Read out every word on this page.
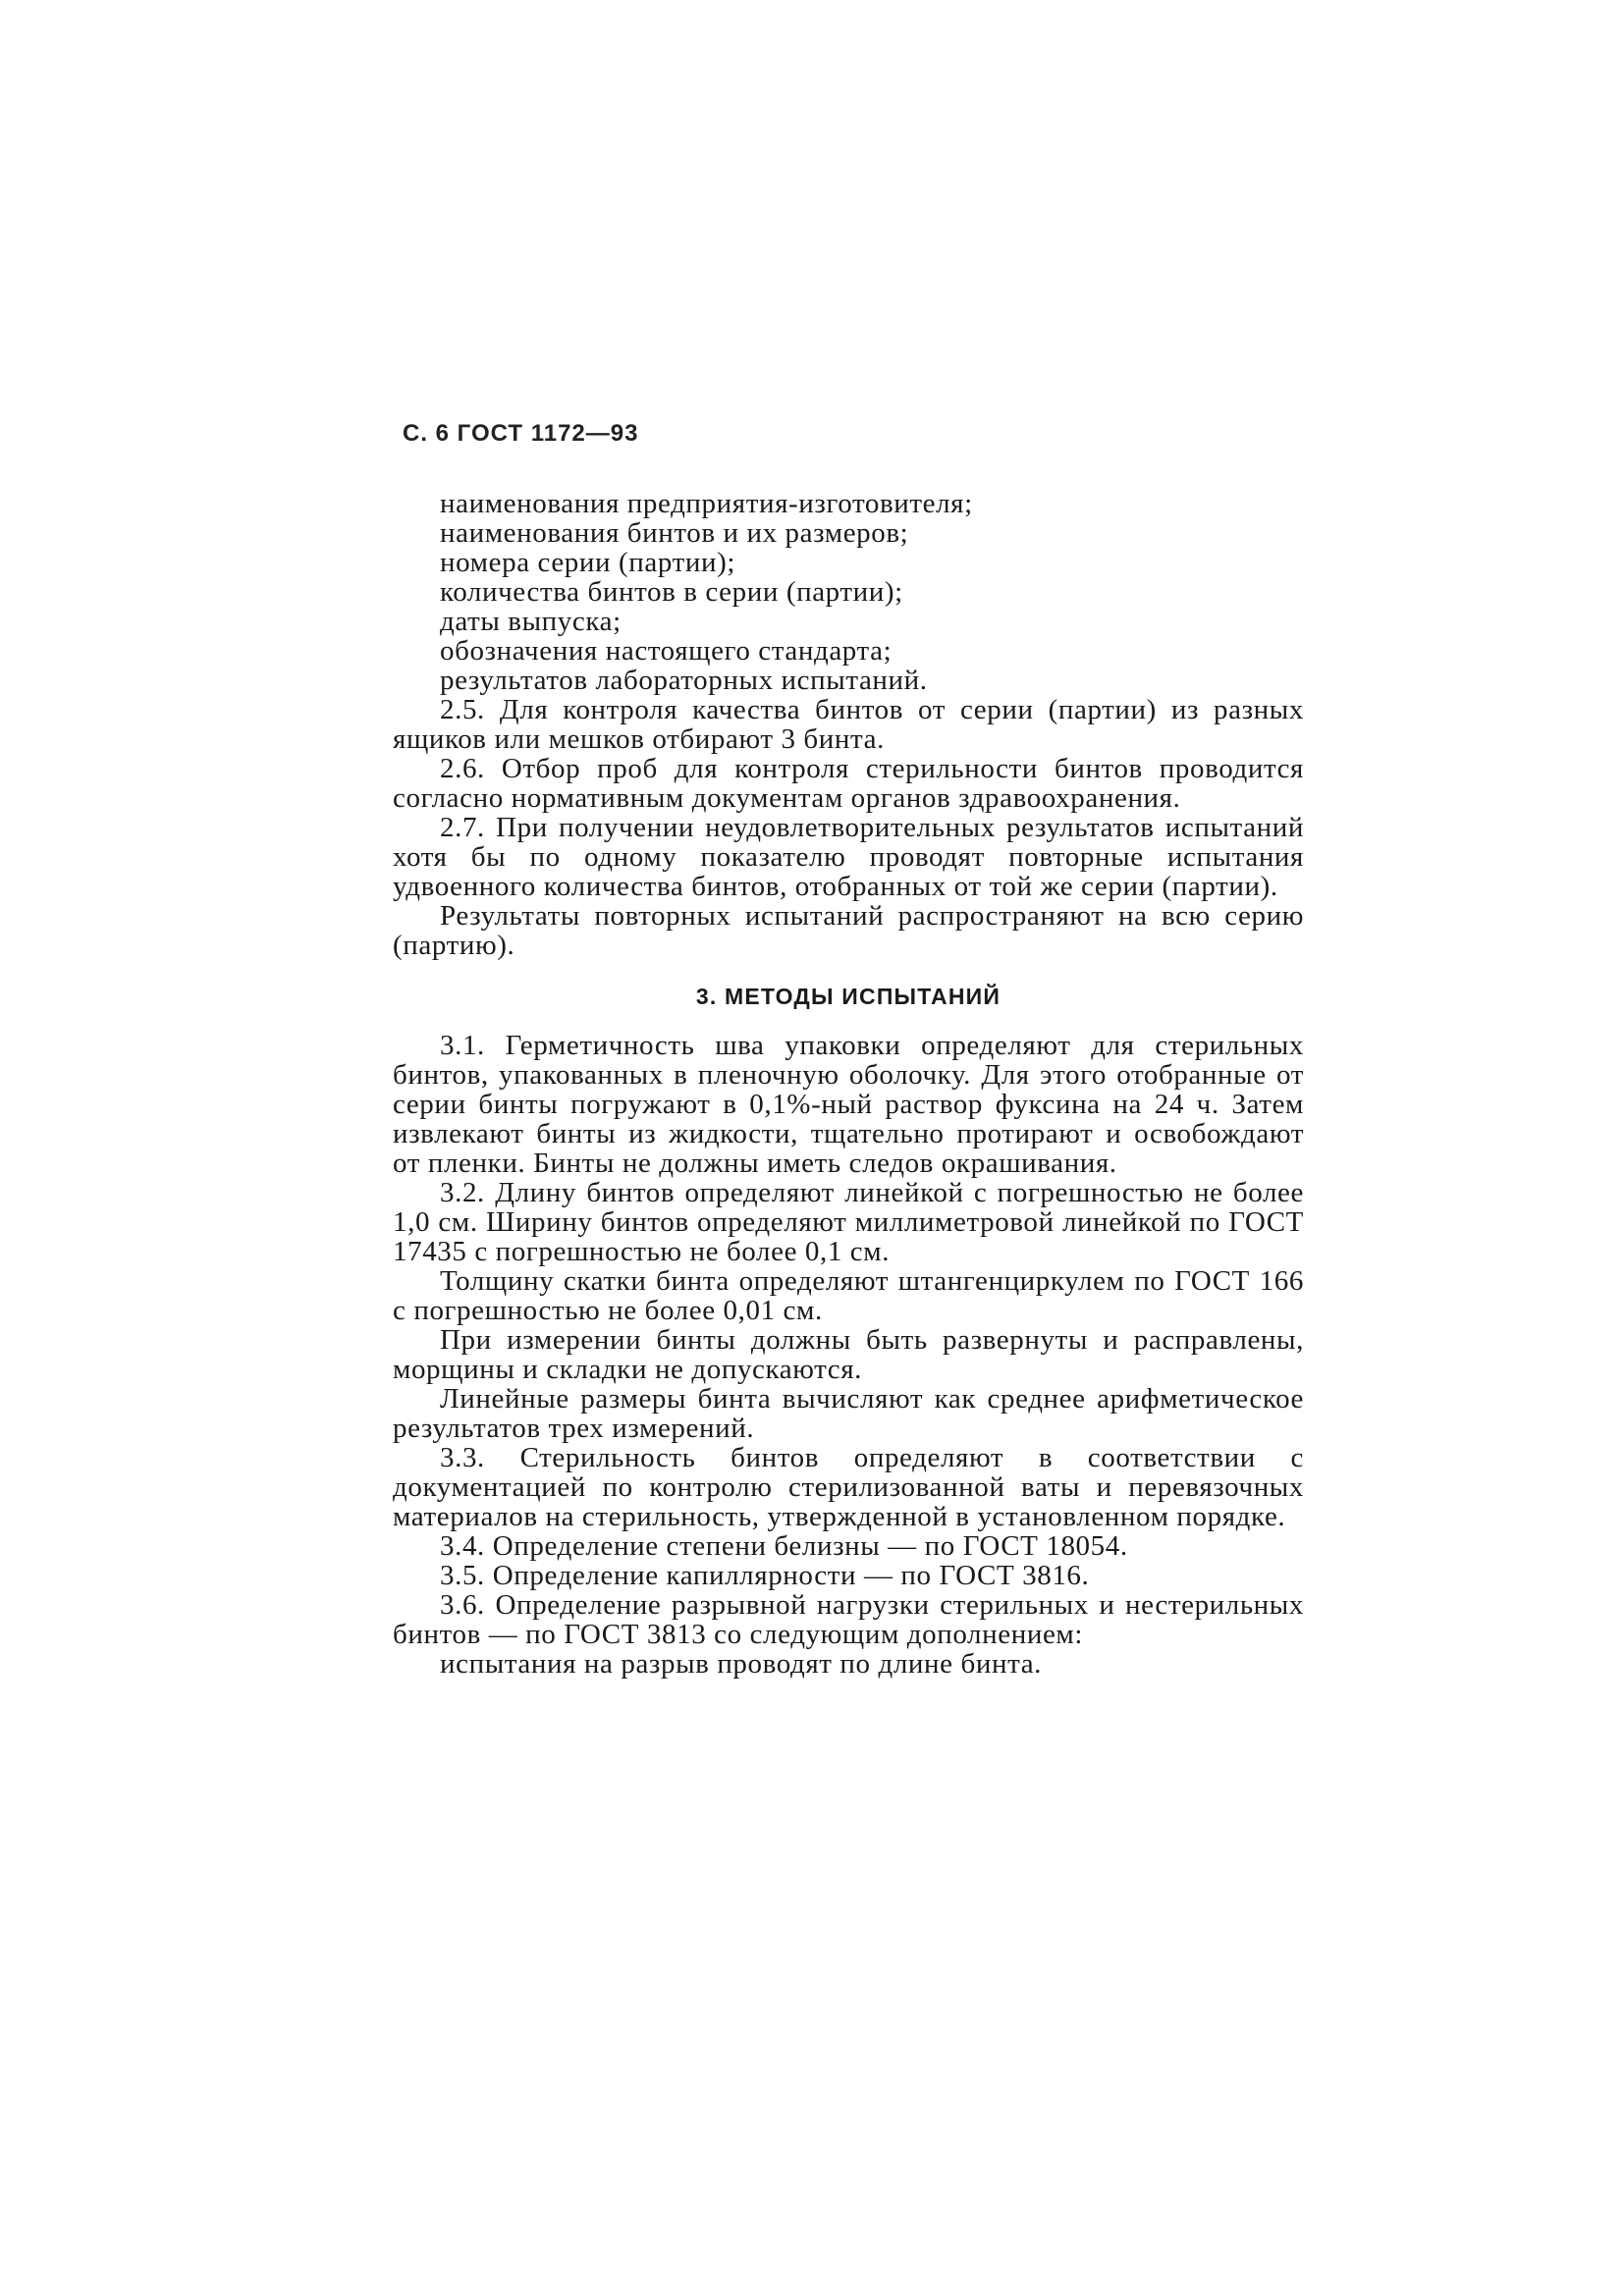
С. 6 ГОСТ 1172—93

наименования предприятия-изготовителя;

наименования бинтов и их размеров;

номера серии (партии);

количества бинтов в серии (партии);

даты выпуска;

обозначения настоящего стандарта;

результатов лабораторных испытаний.

2.5. Для контроля качества бинтов от серии (партии) из разных ящиков или мешков отбирают 3 бинта.

2.6. Отбор проб для контроля стерильности бинтов проводится согласно нормативным документам органов здравоохранения.

2.7. При получении неудовлетворительных результатов испытаний хотя бы по одному показателю проводят повторные испытания удвоенного количества бинтов, отобранных от той же серии (партии).

Результаты повторных испытаний распространяют на всю серию (партию).

3. МЕТОДЫ ИСПЫТАНИЙ

3.1. Герметичность шва упаковки определяют для стерильных бинтов, упакованных в пленочную оболочку. Для этого отобранные от серии бинты погружают в 0,1%-ный раствор фуксина на 24 ч. Затем извлекают бинты из жидкости, тщательно протирают и освобождают от пленки. Бинты не должны иметь следов окрашивания.

3.2. Длину бинтов определяют линейкой с погрешностью не более 1,0 см. Ширину бинтов определяют миллиметровой линейкой по ГОСТ 17435 с погрешностью не более 0,1 см.

Толщину скатки бинта определяют штангенциркулем по ГОСТ 166 с погрешностью не более 0,01 см.

При измерении бинты должны быть развернуты и расправлены, морщины и складки не допускаются.

Линейные размеры бинта вычисляют как среднее арифметическое результатов трех измерений.

3.3. Стерильность бинтов определяют в соответствии с документацией по контролю стерилизованной ваты и перевязочных материалов на стерильность, утвержденной в установленном порядке.

3.4. Определение степени белизны — по ГОСТ 18054.

3.5. Определение капиллярности — по ГОСТ 3816.

3.6. Определение разрывной нагрузки стерильных и нестерильных бинтов — по ГОСТ 3813 со следующим дополнением:

испытания на разрыв проводят по длине бинта.
